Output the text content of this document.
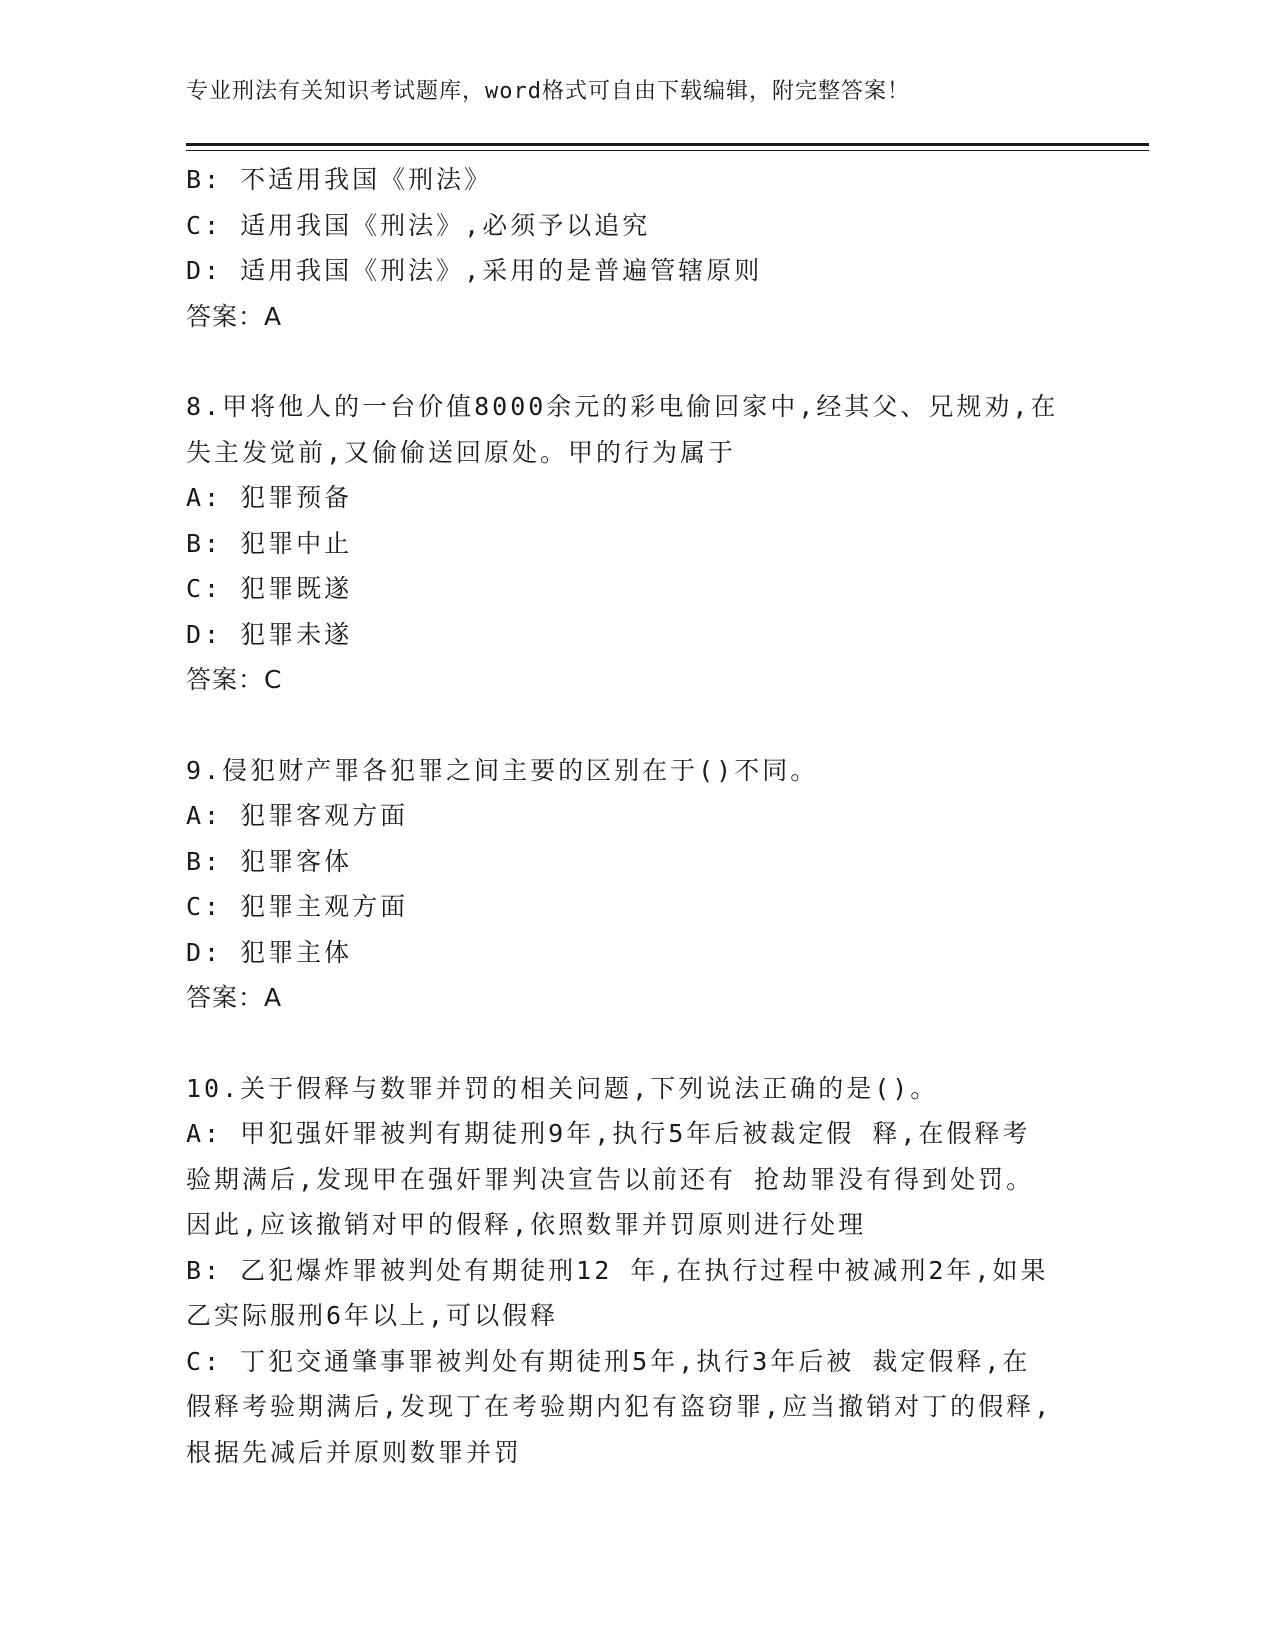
专业刑法有关知识考试题库，word格式可自由下载编辑，附完整答案！
B: 不适用我国《刑法》
C: 适用我国《刑法》,必须予以追究
D: 适用我国《刑法》,采用的是普遍管辖原则
答案：A
8.甲将他人的一台价值8000余元的彩电偷回家中,经其父、兄规劝,在
失主发觉前,又偷偷送回原处。甲的行为属于
A: 犯罪预备
B: 犯罪中止
C: 犯罪既遂
D: 犯罪未遂
答案：C
9.侵犯财产罪各犯罪之间主要的区别在于()不同。
A: 犯罪客观方面
B: 犯罪客体
C: 犯罪主观方面
D: 犯罪主体
答案：A
10.关于假释与数罪并罚的相关问题,下列说法正确的是()。
A: 甲犯强奸罪被判有期徒刑9年,执行5年后被裁定假 释,在假释考
验期满后,发现甲在强奸罪判决宣告以前还有 抢劫罪没有得到处罚。
因此,应该撤销对甲的假释,依照数罪并罚原则进行处理
B: 乙犯爆炸罪被判处有期徒刑12 年,在执行过程中被减刑2年,如果
乙实际服刑6年以上,可以假释
C: 丁犯交通肇事罪被判处有期徒刑5年,执行3年后被 裁定假释,在
假释考验期满后,发现丁在考验期内犯有盗窃罪,应当撤销对丁的假释,
根据先减后并原则数罪并罚
